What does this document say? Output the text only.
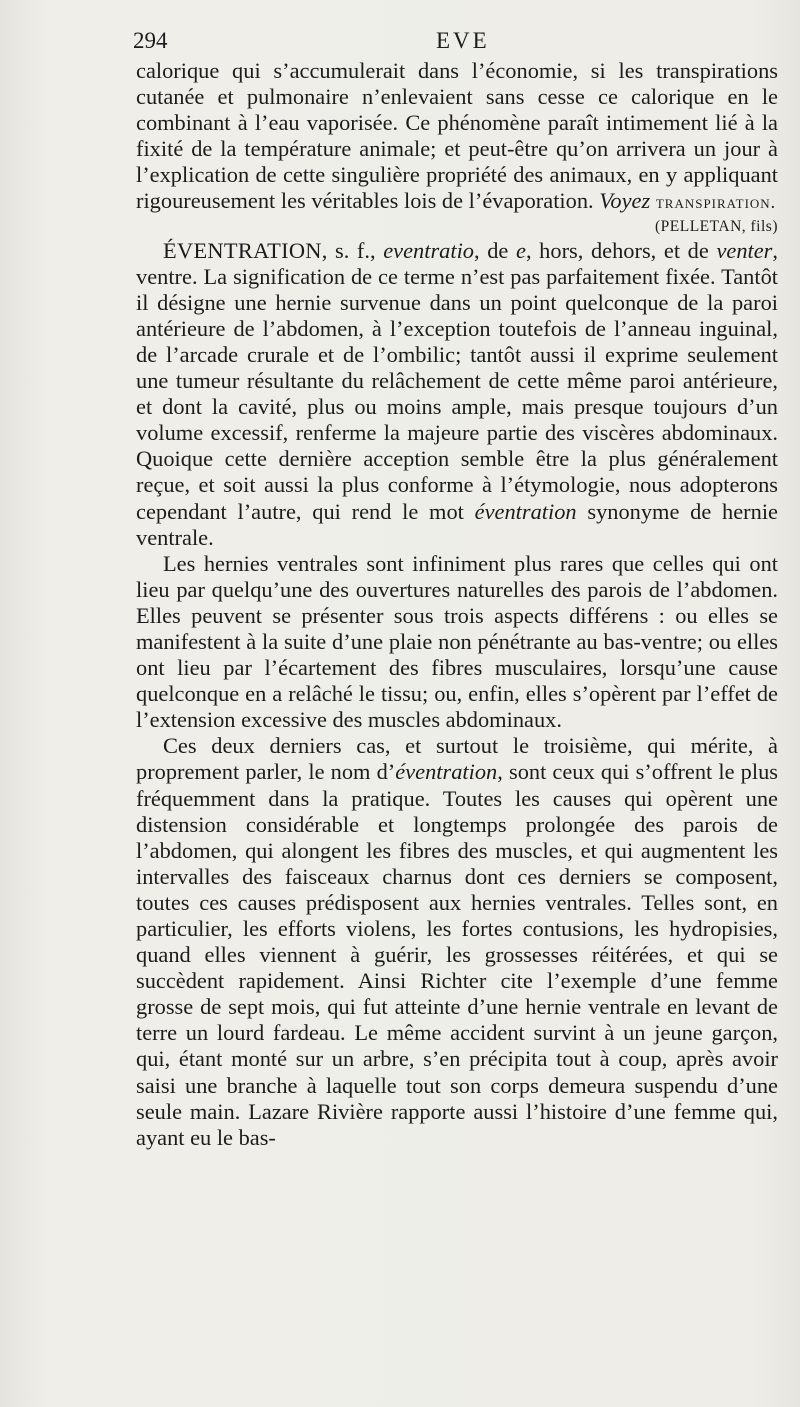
294	EVE

calorique qui s’accumulerait dans l’économie, si les transpirations cutanée et pulmonaire n’enlevaient sans cesse ce calorique en le combinant à l’eau vaporisée. Ce phénomène paraît intimement lié à la fixité de la température animale; et peut-être qu’on arrivera un jour à l’explication de cette singulière propriété des animaux, en y appliquant rigoureusement les véritables lois de l’évaporation. Voyez transpiration.

(PELLETAN, fils)

ÉVENTRATION, s. f., eventratio, de e, hors, dehors, et de venter, ventre. La signification de ce terme n’est pas parfaitement fixée. Tantôt il désigne une hernie survenue dans un point quelconque de la paroi antérieure de l’abdomen, à l’exception toutefois de l’anneau inguinal, de l’arcade crurale et de l’ombilic; tantôt aussi il exprime seulement une tumeur résultante du relâchement de cette même paroi antérieure, et dont la cavité, plus ou moins ample, mais presque toujours d’un volume excessif, renferme la majeure partie des viscères abdominaux. Quoique cette dernière acception semble être la plus généralement reçue, et soit aussi la plus conforme à l’étymologie, nous adopterons cependant l’autre, qui rend le mot éventration synonyme de hernie ventrale.

Les hernies ventrales sont infiniment plus rares que celles qui ont lieu par quelqu’une des ouvertures naturelles des parois de l’abdomen. Elles peuvent se présenter sous trois aspects différens : ou elles se manifestent à la suite d’une plaie non pénétrante au bas-ventre; ou elles ont lieu par l’écartement des fibres musculaires, lorsqu’une cause quelconque en a relâché le tissu; ou, enfin, elles s’opèrent par l’effet de l’extension excessive des muscles abdominaux.

Ces deux derniers cas, et surtout le troisième, qui mérite, à proprement parler, le nom d’éventration, sont ceux qui s’offrent le plus fréquemment dans la pratique. Toutes les causes qui opèrent une distension considérable et longtemps prolongée des parois de l’abdomen, qui alongent les fibres des muscles, et qui augmentent les intervalles des faisceaux charnus dont ces derniers se composent, toutes ces causes prédisposent aux hernies ventrales. Telles sont, en particulier, les efforts violens, les fortes contusions, les hydropisies, quand elles viennent à guérir, les grossesses réitérées, et qui se succèdent rapidement. Ainsi Richter cite l’exemple d’une femme grosse de sept mois, qui fut atteinte d’une hernie ventrale en levant de terre un lourd fardeau. Le même accident survint à un jeune garçon, qui, étant monté sur un arbre, s’en précipita tout à coup, après avoir saisi une branche à laquelle tout son corps demeura suspendu d’une seule main. Lazare Rivière rapporte aussi l’histoire d’une femme qui, ayant eu le bas-
